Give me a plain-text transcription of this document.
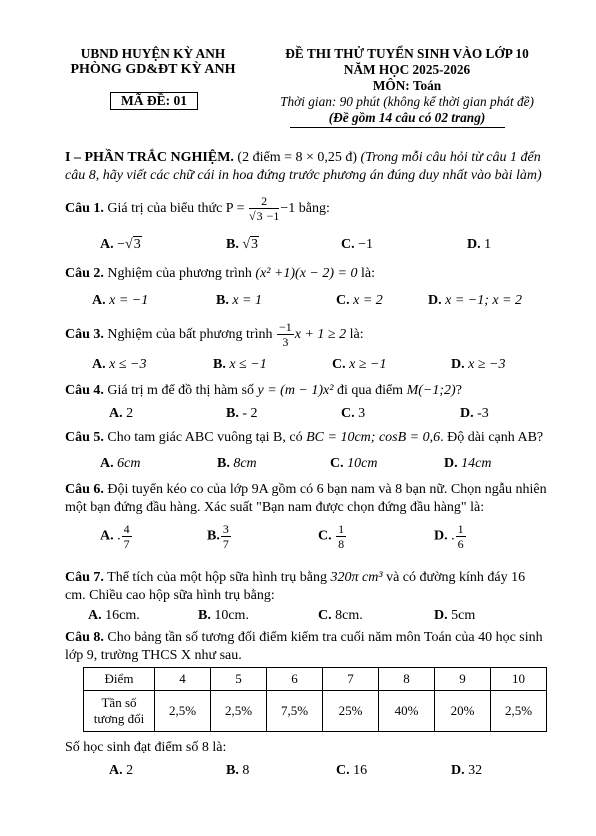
UBND HUYỆN KỲ ANH
PHÒNG GD&ĐT KỲ ANH
MÃ ĐỀ: 01
ĐỀ THI THỬ TUYỂN SINH VÀO LỚP 10
NĂM HỌC 2025-2026
MÔN: Toán
Thời gian: 90 phút (không kể thời gian phát đề)
(Đề gồm 14 câu có 02 trang)
I – PHẦN TRẮC NGHIỆM. (2 điểm = 8 × 0,25 đ) (Trong mỗi câu hỏi từ câu 1 đến
câu 8, hãy viết các chữ cái in hoa đứng trước phương án đúng duy nhất vào bài làm)
Câu 1. Giá trị của biểu thức $P = \frac{2}{√3 -1} -1$ bằng:
A. −√3	B. √3	C. −1	D. 1
Câu 2. Nghiệm của phương trình (x² +1)(x − 2) = 0 là:
A. x = −1	B. x = 1	C. x = 2	D. x = −1; x = 2
Câu 3. Nghiệm của bất phương trình $\frac{-1}{3}$ x + 1 ≥ 2 là:
A. x ≤ −3	B. x ≤ −1	C. x ≥ −1	D. x ≥ −3
Câu 4. Giá trị m để đồ thị hàm số y = (m − 1)x² đi qua điểm M(−1;2)?
A. 2	B. - 2	C. 3	D. -3
Câu 5. Cho tam giác ABC vuông tại B, có BC = 10cm; cosB = 0,6. Độ dài cạnh AB?
A. 6cm	B. 8cm	C. 10cm	D. 14cm
Câu 6. Đội tuyển kéo co của lớp 9A gồm có 6 bạn nam và 8 bạn nữ. Chọn ngẫu nhiên
một bạn đứng đầu hàng. Xác suất "Bạn nam được chọn đứng đầu hàng" là:
A. . $\frac{4}{7}$	B. $\frac{3}{7}$	C. $\frac{1}{8}$	D. . $\frac{1}{6}$
Câu 7. Thể tích của một hộp sữa hình trụ bằng 320π cm³ và có đường kính đáy 16
cm. Chiều cao hộp sữa hình trụ bằng:
A. 16cm.	B. 10cm.	C. 8cm.	D. 5cm
Câu 8. Cho bảng tần số tương đối điểm kiểm tra cuối năm môn Toán của 40 học sinh
lớp 9, trường THCS X như sau.
Điểm	4	5	6	7	8	9	10
Tần số
tương đối	2,5%	2,5%	7,5%	25%	40%	20%	2,5%
Số học sinh đạt điểm số 8 là:
A. 2	B. 8	C. 16	D. 32
